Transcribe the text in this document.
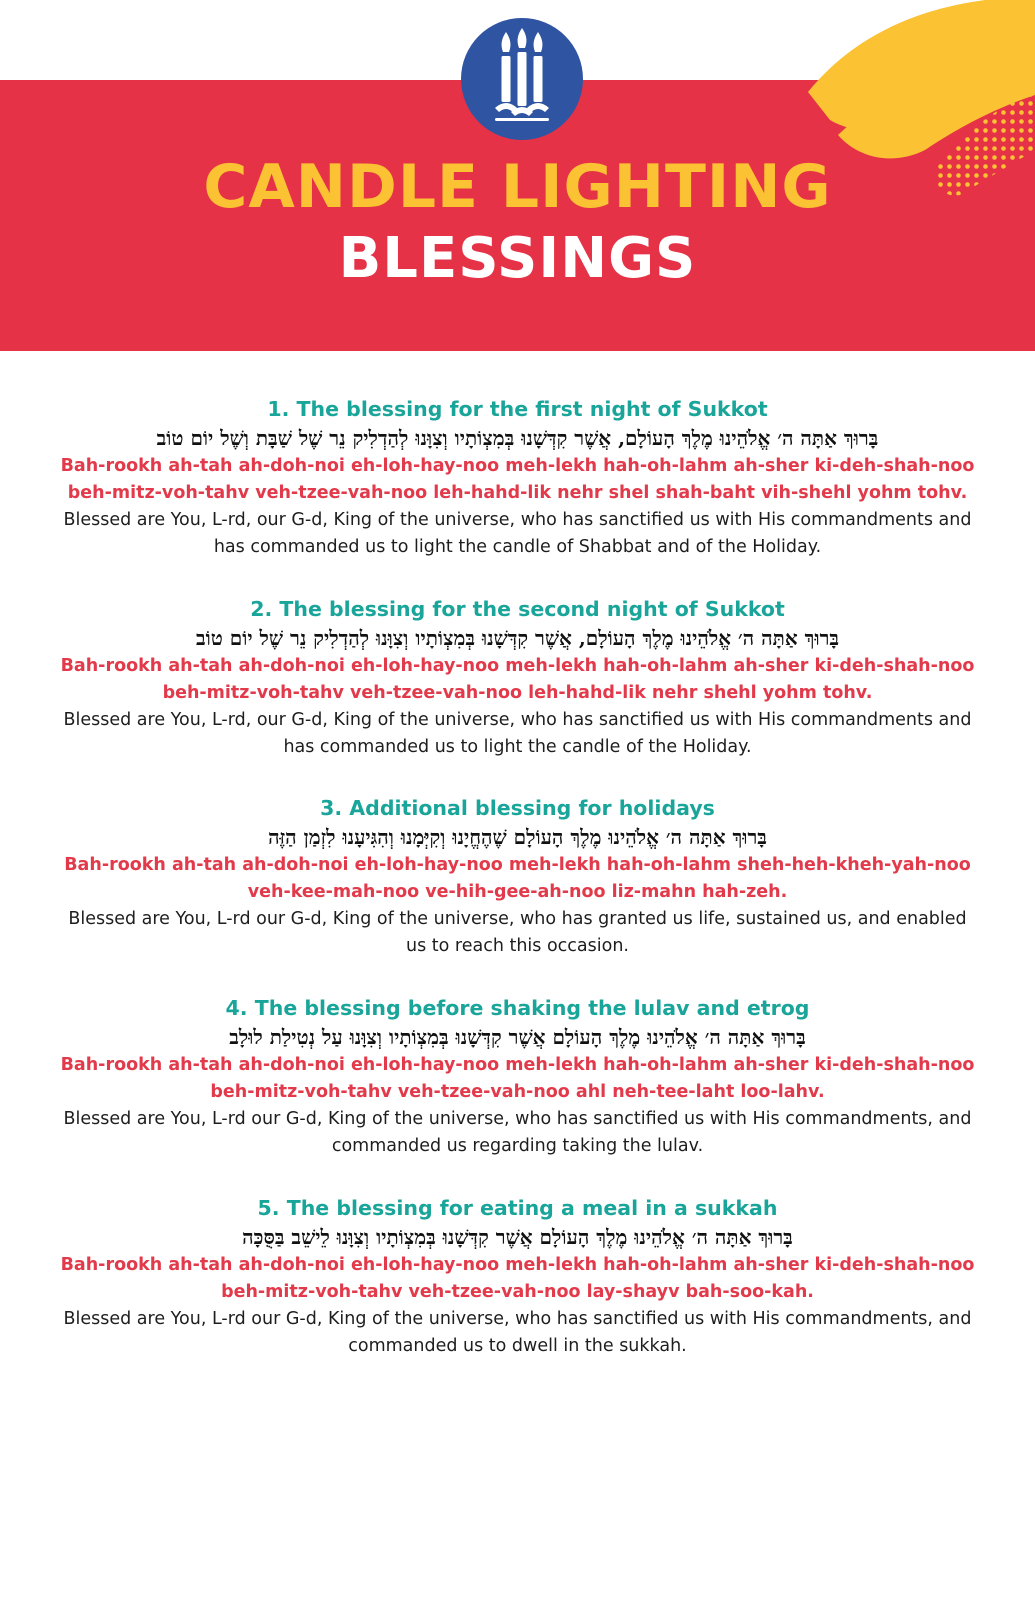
CANDLE LIGHTING
BLESSINGS
1. The blessing for the first night of Sukkot
בָּרוּךְ אַתָּה ה׳ אֱלֹהֵינוּ מֶלֶךְ הָעוֹלָם, אֲשֶׁר קִדְּשָׁנוּ בְּמִצְוֹתָיו וְצִוָּנוּ לְהַדְלִיק נֵר שֶׁל שַׁבָּת וְשֶׁל יוֹם טוֹב
Bah-rookh ah-tah ah-doh-noi eh-loh-hay-noo meh-lekh hah-oh-lahm ah-sher ki-deh-shah-noo beh-mitz-voh-tahv veh-tzee-vah-noo leh-hahd-lik nehr shel shah-baht vih-shehl yohm tohv.
Blessed are You, L-rd, our G-d, King of the universe, who has sanctified us with His commandments and has commanded us to light the candle of Shabbat and of the Holiday.
2. The blessing for the second night of Sukkot
בָּרוּךְ אַתָּה ה׳ אֱלֹהֵינוּ מֶלֶךְ הָעוֹלָם, אֲשֶׁר קִדְּשָׁנוּ בְּמִצְוֹתָיו וְצִוָּנוּ לְהַדְלִיק נֵר שֶׁל יוֹם טוֹב
Bah-rookh ah-tah ah-doh-noi eh-loh-hay-noo meh-lekh hah-oh-lahm ah-sher ki-deh-shah-noo beh-mitz-voh-tahv veh-tzee-vah-noo leh-hahd-lik nehr shehl yohm tohv.
Blessed are You, L-rd, our G-d, King of the universe, who has sanctified us with His commandments and has commanded us to light the candle of the Holiday.
3. Additional blessing for holidays
בָּרוּךְ אַתָּה ה׳ אֱלֹהֵינוּ מֶלֶךְ הָעוֹלָם שֶׁהֶחֱיָנוּ וְקִיְּמָנוּ וְהִגִּיעָנוּ לִזְמַן הַזֶּה
Bah-rookh ah-tah ah-doh-noi eh-loh-hay-noo meh-lekh hah-oh-lahm sheh-heh-kheh-yah-noo veh-kee-mah-noo ve-hih-gee-ah-noo liz-mahn hah-zeh.
Blessed are You, L-rd our G-d, King of the universe, who has granted us life, sustained us, and enabled us to reach this occasion.
4. The blessing before shaking the lulav and etrog
בָּרוּךְ אַתָּה ה׳ אֱלֹהֵינוּ מֶלֶךְ הָעוֹלָם אֲשֶׁר קִדְּשָׁנוּ בְּמִצְוֹתָיו וְצִוָּנוּ עַל נְטִילַת לוּלָב
Bah-rookh ah-tah ah-doh-noi eh-loh-hay-noo meh-lekh hah-oh-lahm ah-sher ki-deh-shah-noo beh-mitz-voh-tahv veh-tzee-vah-noo ahl neh-tee-laht loo-lahv.
Blessed are You, L-rd our G-d, King of the universe, who has sanctified us with His commandments, and commanded us regarding taking the lulav.
5. The blessing for eating a meal in a sukkah
בָּרוּךְ אַתָּה ה׳ אֱלֹהֵינוּ מֶלֶךְ הָעוֹלָם אֲשֶׁר קִדְּשָׁנוּ בְּמִצְוֹתָיו וְצִוָּנוּ לֵישֵׁב בַּסֻּכָּה
Bah-rookh ah-tah ah-doh-noi eh-loh-hay-noo meh-lekh hah-oh-lahm ah-sher ki-deh-shah-noo beh-mitz-voh-tahv veh-tzee-vah-noo lay-shayv bah-soo-kah.
Blessed are You, L-rd our G-d, King of the universe, who has sanctified us with His commandments, and commanded us to dwell in the sukkah.
